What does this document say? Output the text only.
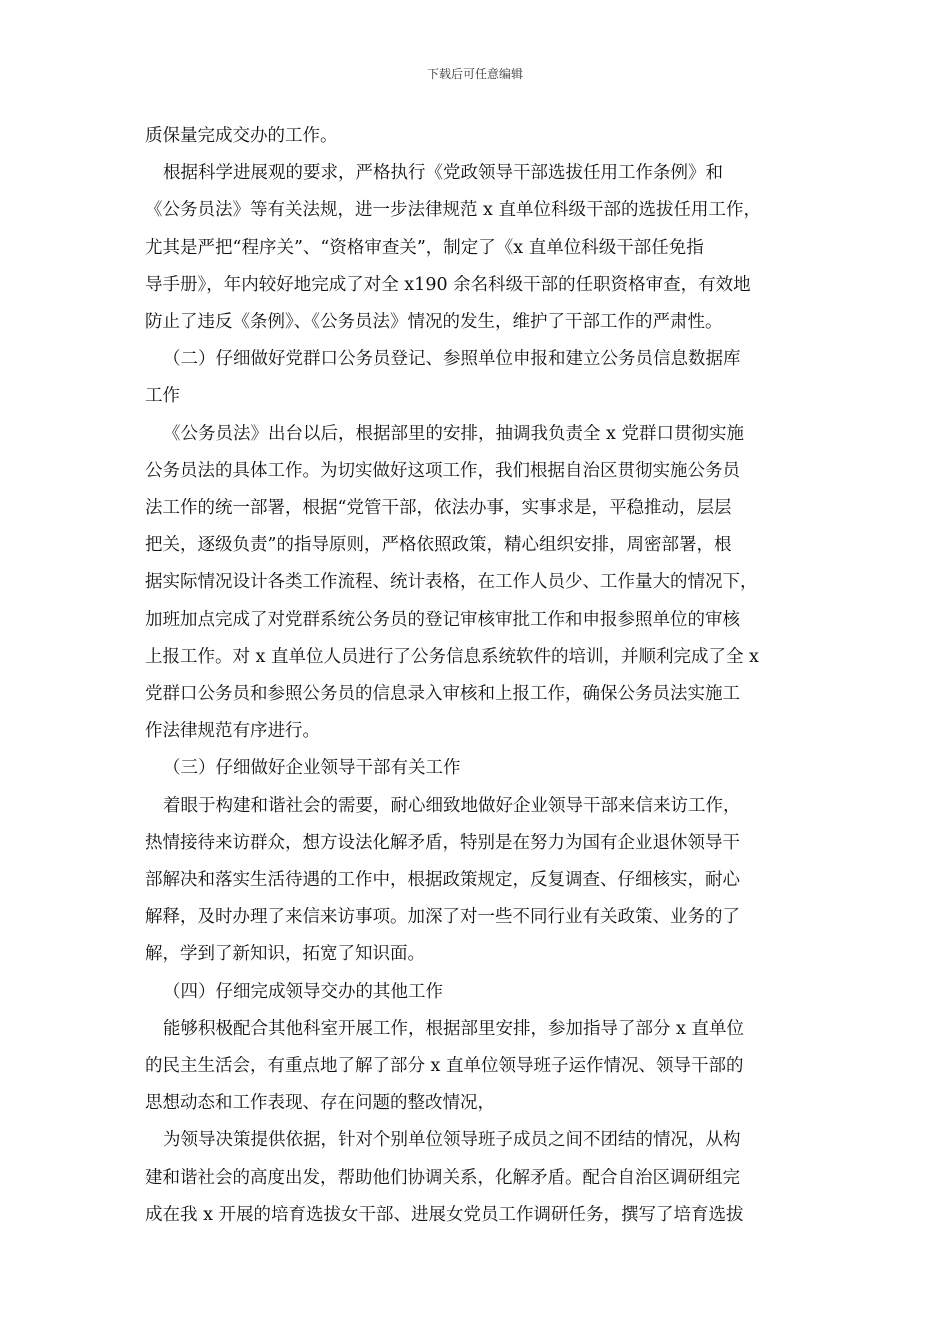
下载后可任意编辑

质保量完成交办的工作。

根据科学进展观的要求，严格执行《党政领导干部选拔任用工作条例》和

《公务员法》等有关法规，进一步法律规范 x 直单位科级干部的选拔任用工作，

尤其是严把“程序关”、“资格审查关”，制定了《x 直单位科级干部任免指

导手册》，年内较好地完成了对全 x190 余名科级干部的任职资格审查，有效地

防止了违反《条例》、《公务员法》情况的发生，维护了干部工作的严肃性。

（二）仔细做好党群口公务员登记、参照单位申报和建立公务员信息数据库

工作

《公务员法》出台以后，根据部里的安排，抽调我负责全 x 党群口贯彻实施

公务员法的具体工作。为切实做好这项工作，我们根据自治区贯彻实施公务员

法工作的统一部署，根据“党管干部，依法办事，实事求是，平稳推动，层层

把关，逐级负责”的指导原则，严格依照政策，精心组织安排，周密部署，根

据实际情况设计各类工作流程、统计表格，在工作人员少、工作量大的情况下，

加班加点完成了对党群系统公务员的登记审核审批工作和申报参照单位的审核

上报工作。对 x 直单位人员进行了公务信息系统软件的培训，并顺利完成了全 x

党群口公务员和参照公务员的信息录入审核和上报工作，确保公务员法实施工

作法律规范有序进行。

（三）仔细做好企业领导干部有关工作

着眼于构建和谐社会的需要，耐心细致地做好企业领导干部来信来访工作，

热情接待来访群众，想方设法化解矛盾，特别是在努力为国有企业退休领导干

部解决和落实生活待遇的工作中，根据政策规定，反复调查、仔细核实，耐心

解释，及时办理了来信来访事项。加深了对一些不同行业有关政策、业务的了

解，学到了新知识，拓宽了知识面。

（四）仔细完成领导交办的其他工作

能够积极配合其他科室开展工作，根据部里安排，参加指导了部分 x 直单位

的民主生活会，有重点地了解了部分 x 直单位领导班子运作情况、领导干部的

思想动态和工作表现、存在问题的整改情况，

为领导决策提供依据，针对个别单位领导班子成员之间不团结的情况，从构

建和谐社会的高度出发，帮助他们协调关系，化解矛盾。配合自治区调研组完

成在我 x 开展的培育选拔女干部、进展女党员工作调研任务，撰写了培育选拔
